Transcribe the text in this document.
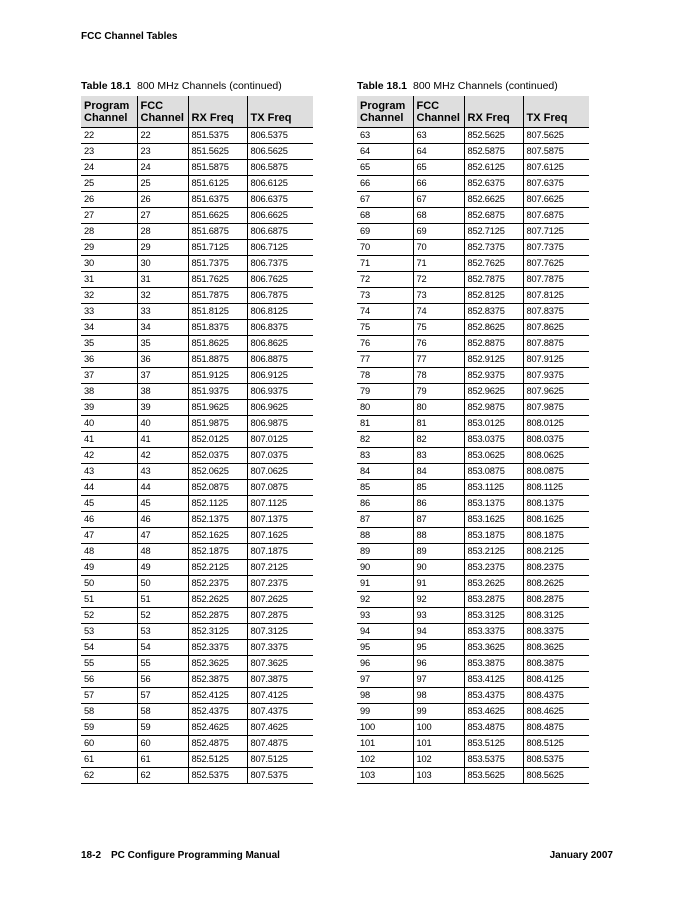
FCC Channel Tables
Table 18.1 800 MHz Channels (continued)	Table 18.1 800 MHz Channels (continued)
Program Channel	FCC Channel	RX Freq	TX Freq
22	22	851.5375	806.5375
23	23	851.5625	806.5625
24	24	851.5875	806.5875
25	25	851.6125	806.6125
26	26	851.6375	806.6375
27	27	851.6625	806.6625
28	28	851.6875	806.6875
29	29	851.7125	806.7125
30	30	851.7375	806.7375
31	31	851.7625	806.7625
32	32	851.7875	806.7875
33	33	851.8125	806.8125
34	34	851.8375	806.8375
35	35	851.8625	806.8625
36	36	851.8875	806.8875
37	37	851.9125	806.9125
38	38	851.9375	806.9375
39	39	851.9625	806.9625
40	40	851.9875	806.9875
41	41	852.0125	807.0125
42	42	852.0375	807.0375
43	43	852.0625	807.0625
44	44	852.0875	807.0875
45	45	852.1125	807.1125
46	46	852.1375	807.1375
47	47	852.1625	807.1625
48	48	852.1875	807.1875
49	49	852.2125	807.2125
50	50	852.2375	807.2375
51	51	852.2625	807.2625
52	52	852.2875	807.2875
53	53	852.3125	807.3125
54	54	852.3375	807.3375
55	55	852.3625	807.3625
56	56	852.3875	807.3875
57	57	852.4125	807.4125
58	58	852.4375	807.4375
59	59	852.4625	807.4625
60	60	852.4875	807.4875
61	61	852.5125	807.5125
62	62	852.5375	807.5375
Program Channel	FCC Channel	RX Freq	TX Freq
63	63	852.5625	807.5625
64	64	852.5875	807.5875
65	65	852.6125	807.6125
66	66	852.6375	807.6375
67	67	852.6625	807.6625
68	68	852.6875	807.6875
69	69	852.7125	807.7125
70	70	852.7375	807.7375
71	71	852.7625	807.7625
72	72	852.7875	807.7875
73	73	852.8125	807.8125
74	74	852.8375	807.8375
75	75	852.8625	807.8625
76	76	852.8875	807.8875
77	77	852.9125	807.9125
78	78	852.9375	807.9375
79	79	852.9625	807.9625
80	80	852.9875	807.9875
81	81	853.0125	808.0125
82	82	853.0375	808.0375
83	83	853.0625	808.0625
84	84	853.0875	808.0875
85	85	853.1125	808.1125
86	86	853.1375	808.1375
87	87	853.1625	808.1625
88	88	853.1875	808.1875
89	89	853.2125	808.2125
90	90	853.2375	808.2375
91	91	853.2625	808.2625
92	92	853.2875	808.2875
93	93	853.3125	808.3125
94	94	853.3375	808.3375
95	95	853.3625	808.3625
96	96	853.3875	808.3875
97	97	853.4125	808.4125
98	98	853.4375	808.4375
99	99	853.4625	808.4625
100	100	853.4875	808.4875
101	101	853.5125	808.5125
102	102	853.5375	808.5375
103	103	853.5625	808.5625
18-2 PC Configure Programming Manual	January 2007
